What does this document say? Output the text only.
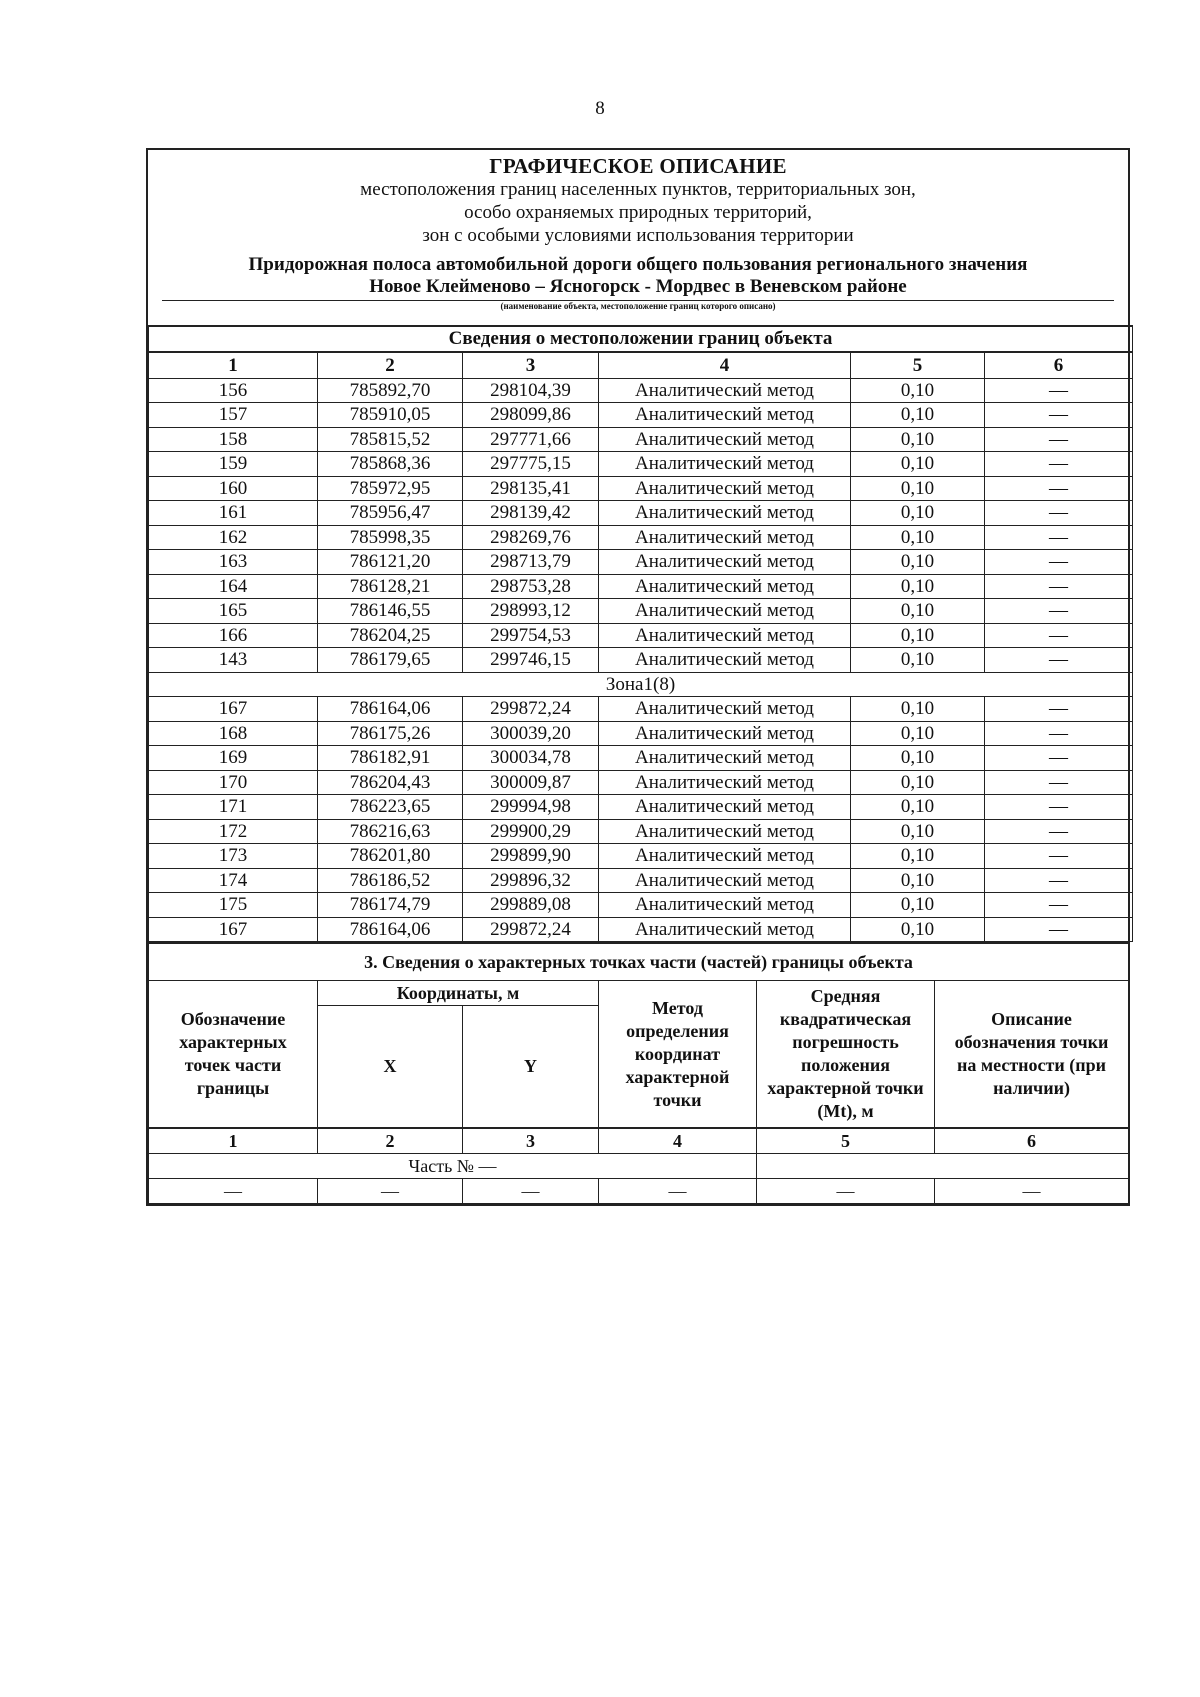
8
ГРАФИЧЕСКОЕ ОПИСАНИЕ
местоположения границ населенных пунктов, территориальных зон,
особо охраняемых природных территорий,
зон с особыми условиями использования территории
Придорожная полоса автомобильной дороги общего пользования регионального значения
Новое Клейменово – Ясногорск - Мордвес в Веневском районе
(наименование объекта, местоположение границ которого описано)
Сведения о местоположении границ объекта					
1	2	3	4	5	6
156	785892,70	298104,39	Аналитический метод	0,10	—
157	785910,05	298099,86	Аналитический метод	0,10	—
158	785815,52	297771,66	Аналитический метод	0,10	—
159	785868,36	297775,15	Аналитический метод	0,10	—
160	785972,95	298135,41	Аналитический метод	0,10	—
161	785956,47	298139,42	Аналитический метод	0,10	—
162	785998,35	298269,76	Аналитический метод	0,10	—
163	786121,20	298713,79	Аналитический метод	0,10	—
164	786128,21	298753,28	Аналитический метод	0,10	—
165	786146,55	298993,12	Аналитический метод	0,10	—
166	786204,25	299754,53	Аналитический метод	0,10	—
143	786179,65	299746,15	Аналитический метод	0,10	—
Зона1(8)					
167	786164,06	299872,24	Аналитический метод	0,10	—
168	786175,26	300039,20	Аналитический метод	0,10	—
169	786182,91	300034,78	Аналитический метод	0,10	—
170	786204,43	300009,87	Аналитический метод	0,10	—
171	786223,65	299994,98	Аналитический метод	0,10	—
172	786216,63	299900,29	Аналитический метод	0,10	—
173	786201,80	299899,90	Аналитический метод	0,10	—
174	786186,52	299896,32	Аналитический метод	0,10	—
175	786174,79	299889,08	Аналитический метод	0,10	—
167	786164,06	299872,24	Аналитический метод	0,10	—
3. Сведения о характерных точках части (частей) границы объекта					
Обозначение характерных точек части границы	Координаты, м		Метод определения координат характерной точки	Средняя квадратическая погрешность положения характерной точки (Mt), м	Описание обозначения точки на местности (при наличии)
	X	Y			
1	2	3	4	5	6
Часть № —					
—	—	—	—	—	—
